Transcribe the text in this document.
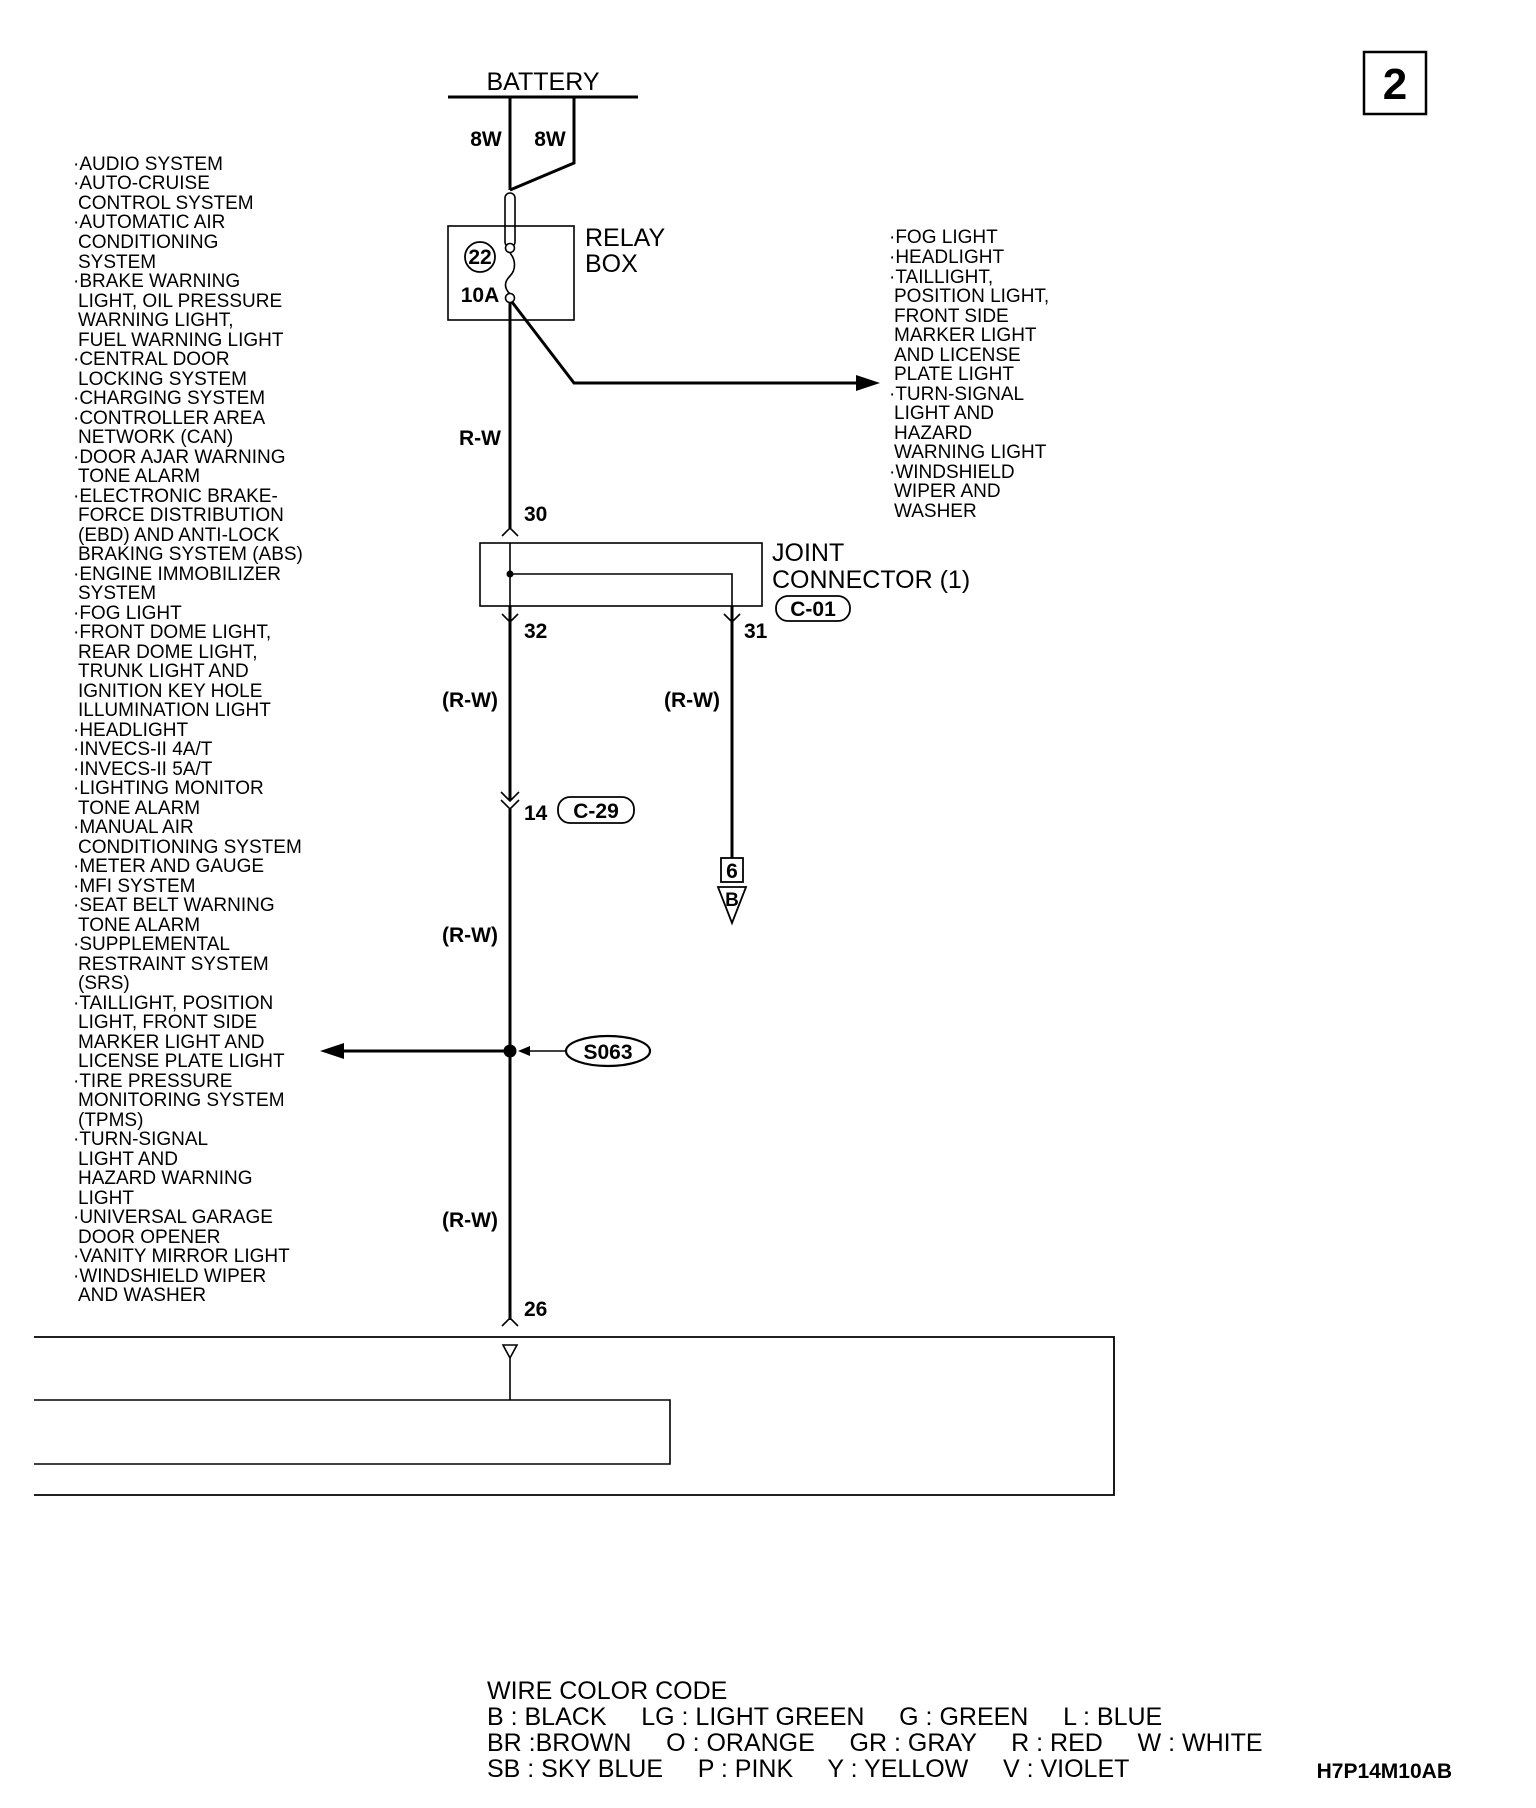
2
BATTERY
8W 8W
RELAY
BOX
22
10A
·FOG LIGHT
·HEADLIGHT
·TAILLIGHT,
POSITION LIGHT,
FRONT SIDE
MARKER LIGHT
AND LICENSE
PLATE LIGHT
·TURN-SIGNAL
LIGHT AND
HAZARD
WARNING LIGHT
·WINDSHIELD
WIPER AND
WASHER
R-W
30
JOINT
CONNECTOR (1)
C-01
32
(R-W)
31
(R-W)
6
B
14 C-29
(R-W)
S063
(R-W)
26
·AUDIO SYSTEM
·AUTO-CRUISE
CONTROL SYSTEM
·AUTOMATIC AIR
CONDITIONING
SYSTEM
·BRAKE WARNING
LIGHT, OIL PRESSURE
WARNING LIGHT,
FUEL WARNING LIGHT
·CENTRAL DOOR
LOCKING SYSTEM
·CHARGING SYSTEM
·CONTROLLER AREA
NETWORK (CAN)
·DOOR AJAR WARNING
TONE ALARM
·ELECTRONIC BRAKE-
FORCE DISTRIBUTION
(EBD) AND ANTI-LOCK
BRAKING SYSTEM (ABS)
·ENGINE IMMOBILIZER
SYSTEM
·FOG LIGHT
·FRONT DOME LIGHT,
REAR DOME LIGHT,
TRUNK LIGHT AND
IGNITION KEY HOLE
ILLUMINATION LIGHT
·HEADLIGHT
·INVECS-II 4A/T
·INVECS-II 5A/T
·LIGHTING MONITOR
TONE ALARM
·MANUAL AIR
CONDITIONING SYSTEM
·METER AND GAUGE
·MFI SYSTEM
·SEAT BELT WARNING
TONE ALARM
·SUPPLEMENTAL
RESTRAINT SYSTEM
(SRS)
·TAILLIGHT, POSITION
LIGHT, FRONT SIDE
MARKER LIGHT AND
LICENSE PLATE LIGHT
·TIRE PRESSURE
MONITORING SYSTEM
(TPMS)
·TURN-SIGNAL
LIGHT AND
HAZARD WARNING
LIGHT
·UNIVERSAL GARAGE
DOOR OPENER
·VANITY MIRROR LIGHT
·WINDSHIELD WIPER
AND WASHER
WIRE COLOR CODE
B : BLACK     LG : LIGHT GREEN     G : GREEN     L : BLUE
BR :BROWN     O : ORANGE     GR : GRAY     R : RED     W : WHITE
SB : SKY BLUE     P : PINK     Y : YELLOW     V : VIOLET	H7P14M10AB
